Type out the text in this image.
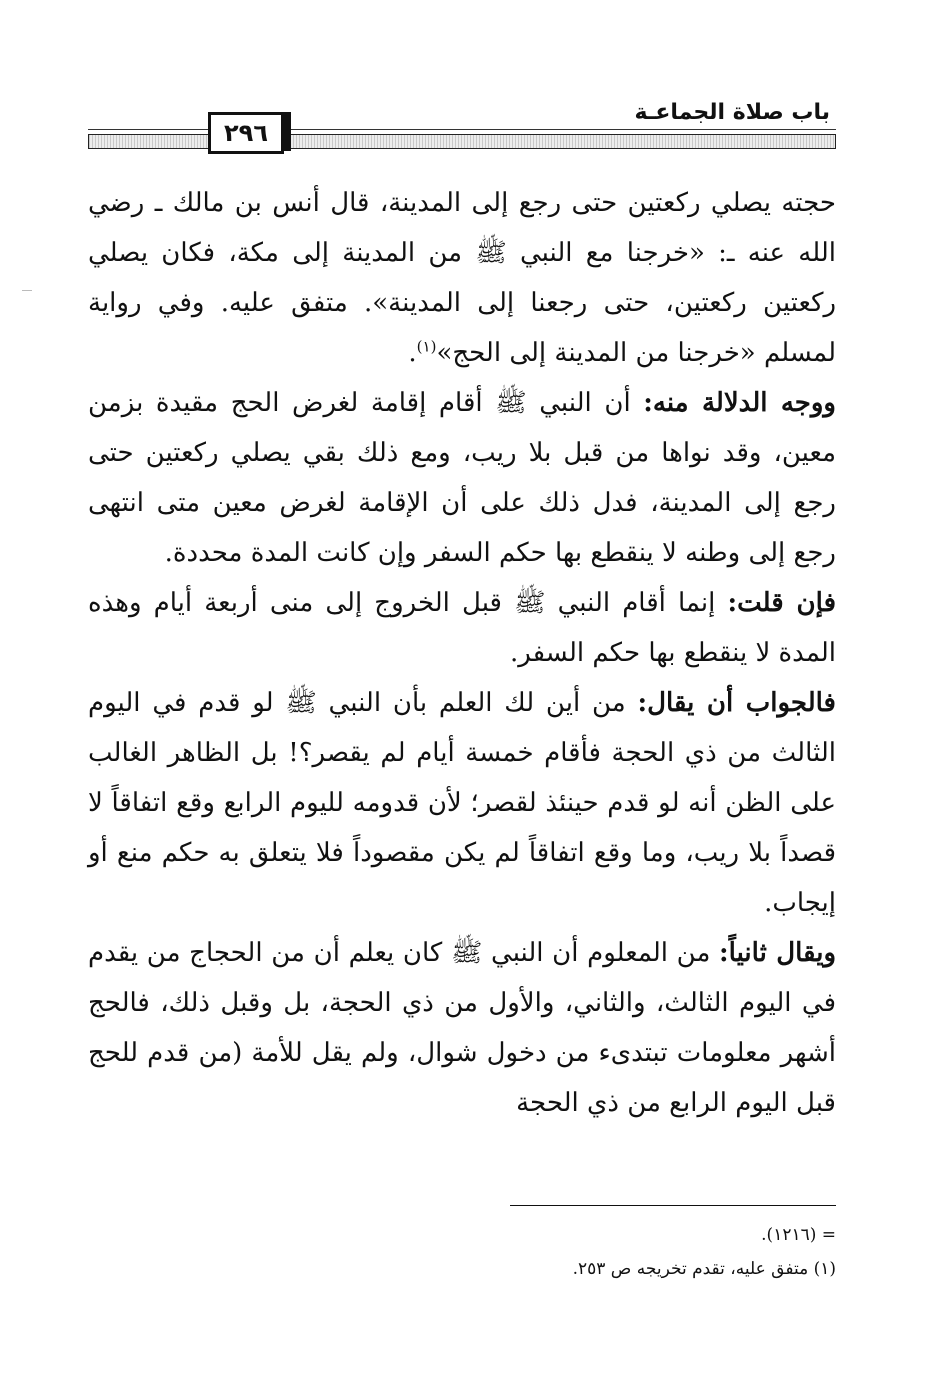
باب صلاة الجماعـة
٢٩٦

حجته يصلي ركعتين حتى رجع إلى المدينة، قال أنس بن مالك ـ رضي الله عنه ـ: «خرجنا مع النبي ﷺ من المدينة إلى مكة، فكان يصلي ركعتين ركعتين، حتى رجعنا إلى المدينة». متفق عليه. وفي رواية لمسلم «خرجنا من المدينة إلى الحج»$^{(١)}$.

ووجه الدلالة منه: أن النبي ﷺ أقام إقامة لغرض الحج مقيدة بزمن معين، وقد نواها من قبل بلا ريب، ومع ذلك بقي يصلي ركعتين حتى رجع إلى المدينة، فدل ذلك على أن الإقامة لغرض معين متى انتهى رجع إلى وطنه لا ينقطع بها حكم السفر وإن كانت المدة محددة.

فإن قلت: إنما أقام النبي ﷺ قبل الخروج إلى منى أربعة أيام وهذه المدة لا ينقطع بها حكم السفر.

فالجواب أن يقال: من أين لك العلم بأن النبي ﷺ لو قدم في اليوم الثالث من ذي الحجة فأقام خمسة أيام لم يقصر؟! بل الظاهر الغالب على الظن أنه لو قدم حينئذ لقصر؛ لأن قدومه لليوم الرابع وقع اتفاقاً لا قصداً بلا ريب، وما وقع اتفاقاً لم يكن مقصوداً فلا يتعلق به حكم منع أو إيجاب.

ويقال ثانياً: من المعلوم أن النبي ﷺ كان يعلم أن من الحجاج من يقدم في اليوم الثالث، والثاني، والأول من ذي الحجة، بل وقبل ذلك، فالحج أشهر معلومات تبتدىء من دخول شوال، ولم يقل للأمة (من قدم للحج قبل اليوم الرابع من ذي الحجة

= (١٢١٦).

(١) متفق عليه، تقدم تخريجه ص ٢٥٣.
